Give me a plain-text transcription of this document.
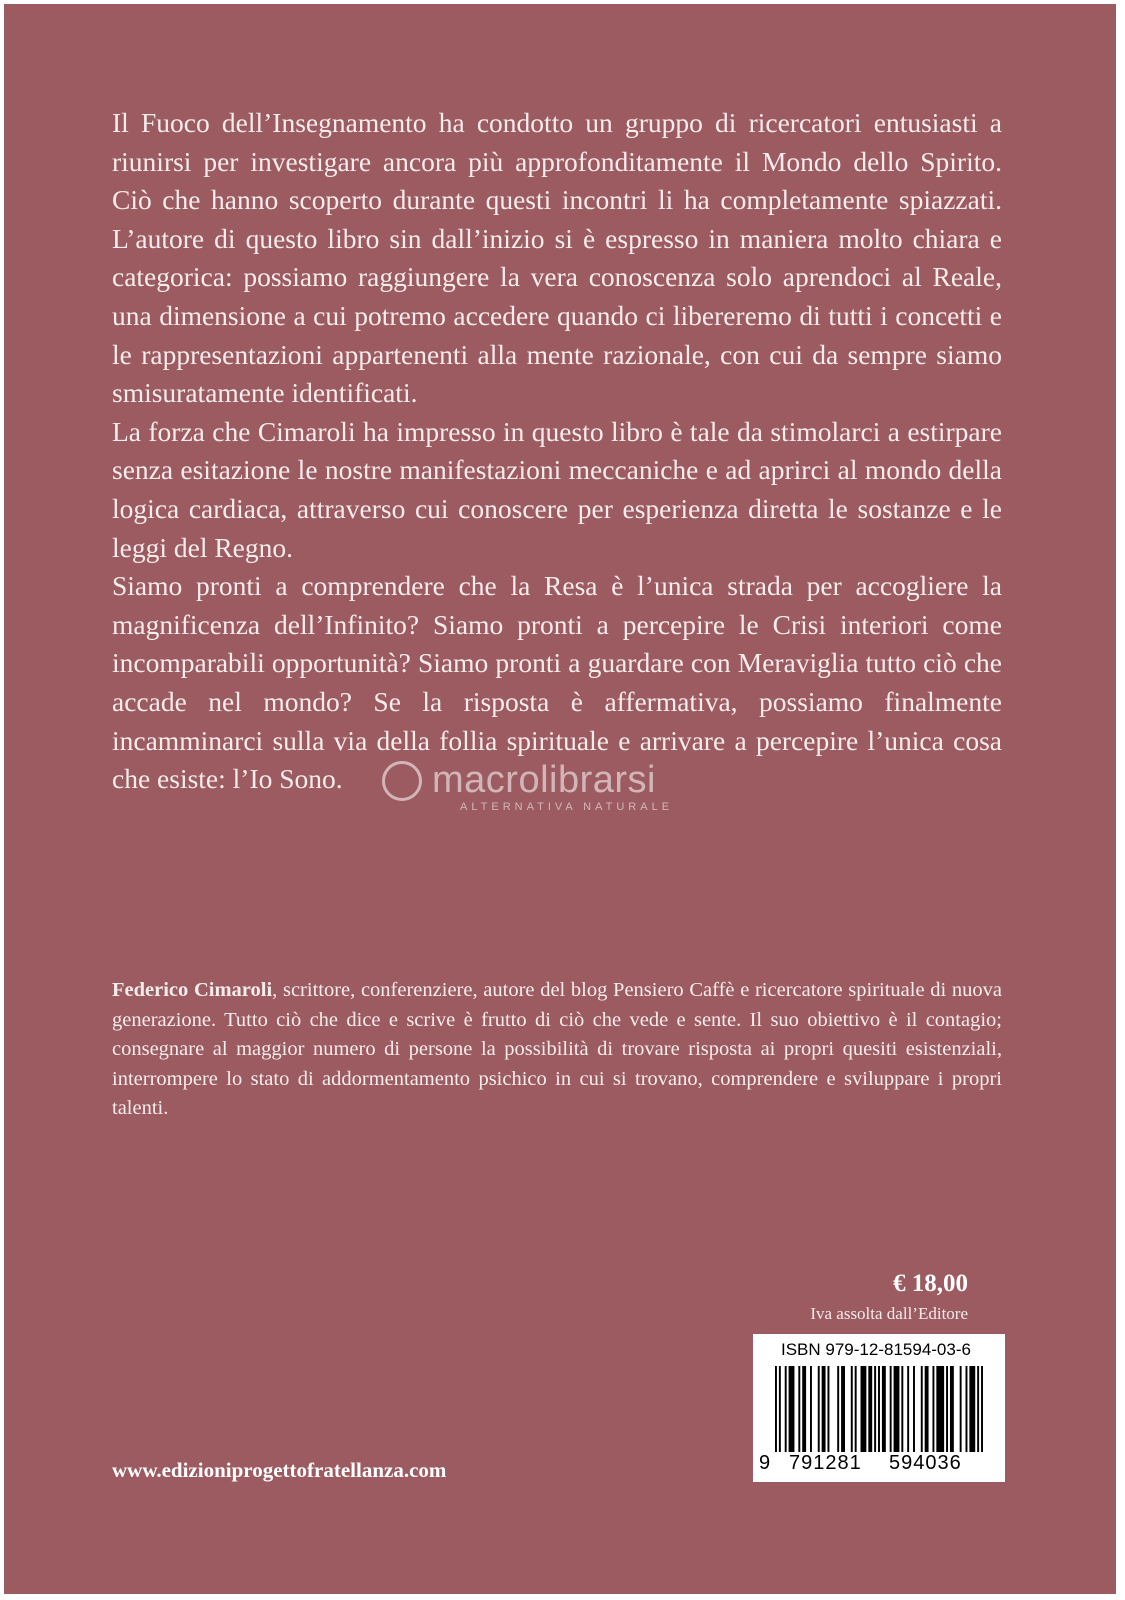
Il Fuoco dell’Insegnamento ha condotto un gruppo di ricercatori entusiasti a riunirsi per investigare ancora più approfonditamente il Mondo dello Spirito. Ciò che hanno scoperto durante questi incontri li ha completamente spiazzati. L’autore di questo libro sin dall’inizio si è espresso in maniera molto chiara e categorica: possiamo raggiungere la vera conoscenza solo aprendoci al Reale, una dimensione a cui potremo accedere quando ci libereremo di tutti i concetti e le rappresentazioni appartenenti alla mente razionale, con cui da sempre siamo smisuratamente identificati.

La forza che Cimaroli ha impresso in questo libro è tale da stimolarci a estirpare senza esitazione le nostre manifestazioni meccaniche e ad aprirci al mondo della logica cardiaca, attraverso cui conoscere per esperienza diretta le sostanze e le leggi del Regno.

Siamo pronti a comprendere che la Resa è l’unica strada per accogliere la magnificenza dell’Infinito? Siamo pronti a percepire le Crisi interiori come incomparabili opportunità? Siamo pronti a guardare con Meraviglia tutto ciò che accade nel mondo? Se la risposta è affermativa, possiamo finalmente incamminarci sulla via della follia spirituale e arrivare a percepire l’unica cosa che esiste: l’Io Sono.	macrolibrarsi
ALTERNATIVA NATURALE
Federico Cimaroli, scrittore, conferenziere, autore del blog Pensiero Caffè e ricercatore spirituale di nuova generazione. Tutto ciò che dice e scrive è frutto di ciò che vede e sente. Il suo obiettivo è il contagio; consegnare al maggior numero di persone la possibilità di trovare risposta ai propri quesiti esistenziali, interrompere lo stato di addormentamento psichico in cui si trovano, comprendere e sviluppare i propri talenti.
€ 18,00
Iva assolta dall’Editore
ISBN 979-12-81594-03-6
9 791281 594036
www.edizioniprogettofratellanza.com
